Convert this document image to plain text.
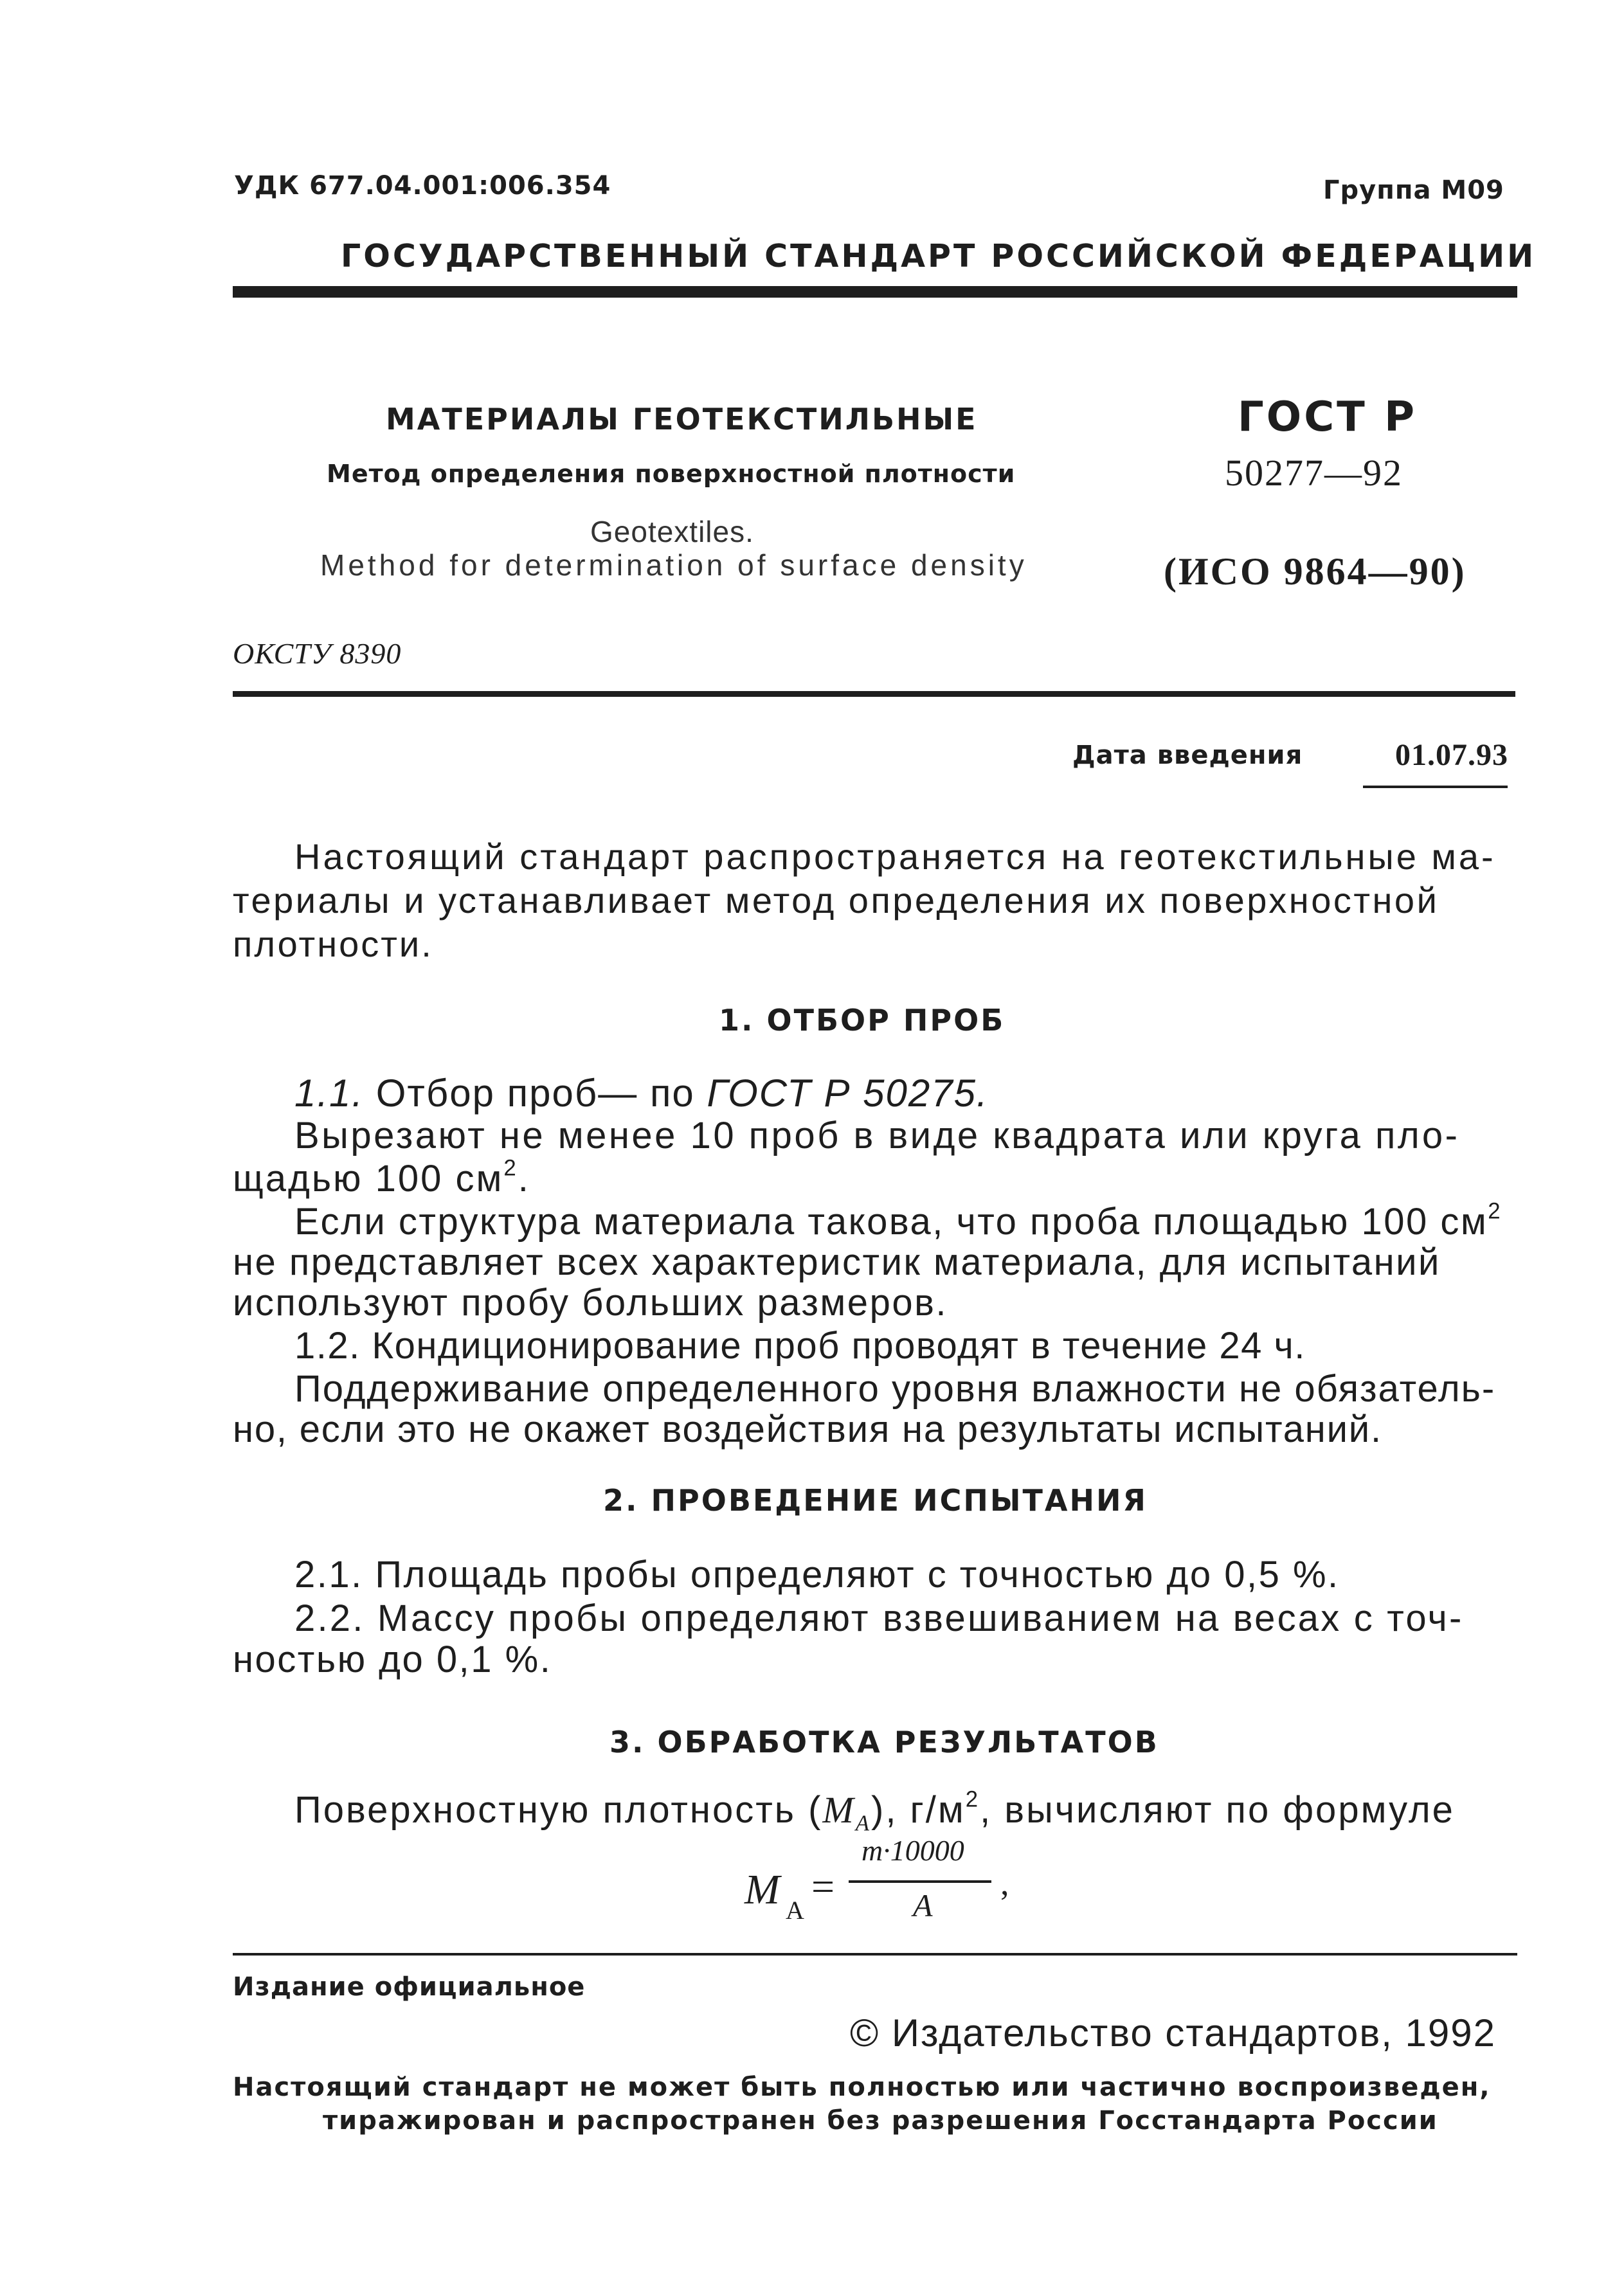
УДК 677.04.001:006.354	Группа М09
ГОСУДАРСТВЕННЫЙ СТАНДАРТ РОССИЙСКОЙ ФЕДЕРАЦИИ
МАТЕРИАЛЫ ГЕОТЕКСТИЛЬНЫЕ
Метод определения поверхностной плотности
Geotextiles.
Method for determination of surface density
ГОСТ Р
50277—92
(ИСО 9864—90)
ОКСТУ 8390
Дата введения	01.07.93
Настоящий стандарт распространяется на геотекстильные ма-
териалы и устанавливает метод определения их поверхностной
плотности.
1. ОТБОР ПРОБ
1.1. Отбор проб— по ГОСТ Р 50275.
Вырезают не менее 10 проб в виде квадрата или круга пло-
щадью 100 $см^2$.
Если структура материала такова, что проба площадью 100 $см^2$
не представляет всех характеристик материала, для испытаний
используют пробу больших размеров.
1.2. Кондиционирование проб проводят в течение 24 ч.
Поддерживание определенного уровня влажности не обязатель-
но, если это не окажет воздействия на результаты испытаний.
2. ПРОВЕДЕНИЕ ИСПЫТАНИЯ
2.1. Площадь пробы определяют с точностью до 0,5 %.
2.2. Массу пробы определяют взвешиванием на весах с точ-
ностью до 0,1 %.
3. ОБРАБОТКА РЕЗУЛЬТАТОВ
Поверхностную плотность $(M_A)$, $г/м^2$, вычисляют по формуле
M A
=
m·10000
A
,
Издание официальное
© Издательство стандартов, 1992
Настоящий стандарт не может быть полностью или частично воспроизведен,
тиражирован и распространен без разрешения Госстандарта России
